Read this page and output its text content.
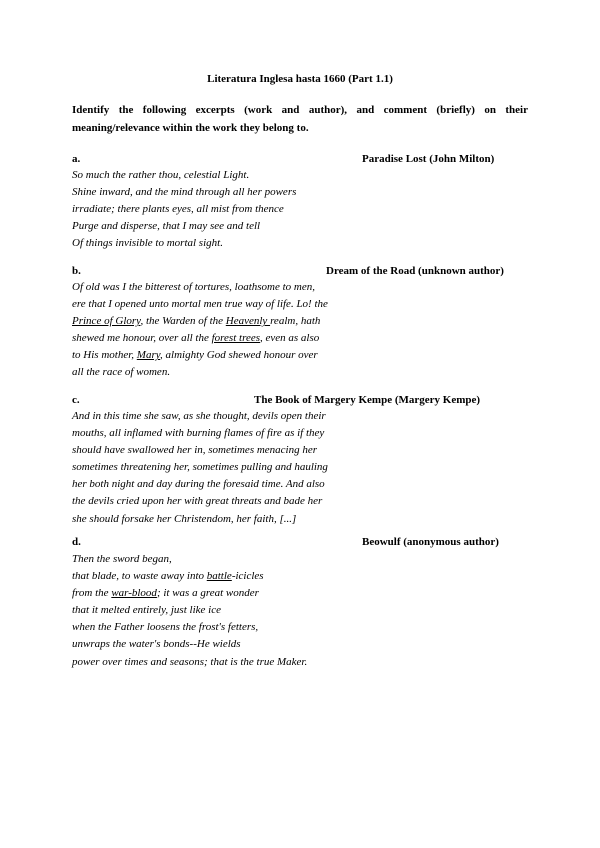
Literatura Inglesa hasta 1660 (Part 1.1)
Identify the following excerpts (work and author), and comment (briefly) on their meaning/relevance within the work they belong to.
a.	Paradise Lost (John Milton)
So much the rather thou, celestial Light.
Shine inward, and the mind through all her powers
irradiate; there plants eyes, all mist from thence
Purge and disperse, that I may see and tell
Of things invisible to mortal sight.
b.	Dream of the Road (unknown author)
Of old was I the bitterest of tortures, loathsome to men,
ere that I opened unto mortal men true way of life. Lo! the
Prince of Glory, the Warden of the Heavenly realm, hath
shewed me honour, over all the forest trees, even as also
to His mother, Mary, almighty God shewed honour over
all the race of women.
c.	The Book of Margery Kempe (Margery Kempe)
And in this time she saw, as she thought, devils open their
mouths, all inflamed with burning flames of fire as if they
should have swallowed her in, sometimes menacing her
sometimes threatening her, sometimes pulling and hauling
her both night and day during the foresaid time. And also
the devils cried upon her with great threats and bade her
she should forsake her Christendom, her faith, [...]
d.	Beowulf (anonymous author)
Then the sword began,
that blade, to waste away into battle-icicles
from the war-blood; it was a great wonder
that it melted entirely, just like ice
when the Father loosens the frost's fetters,
unwraps the water's bonds--He wields
power over times and seasons; that is the true Maker.
